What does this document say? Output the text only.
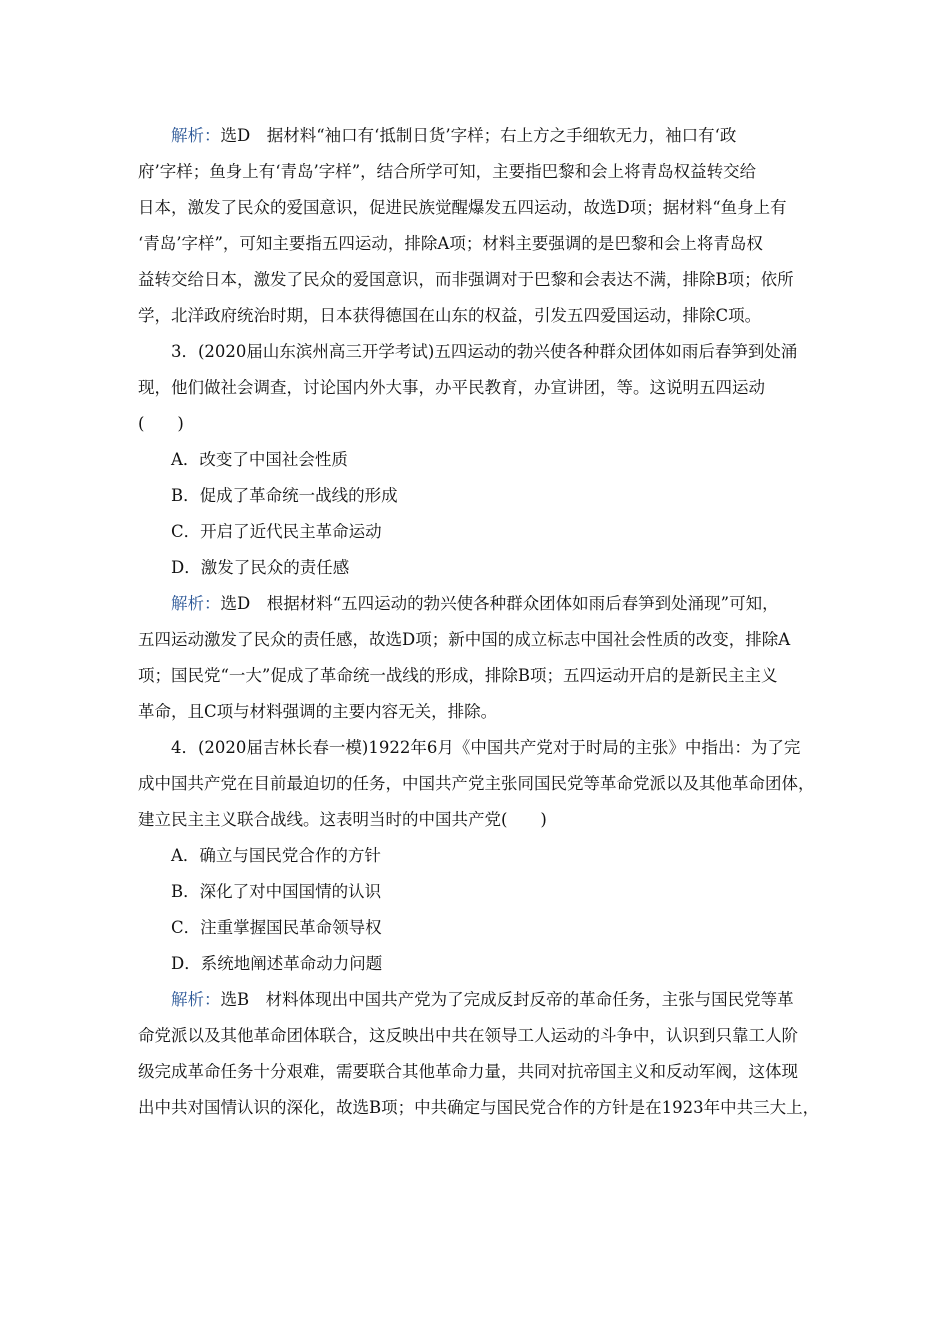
解析：选D　据材料“袖口有‘抵制日货’字样；右上方之手细软无力，袖口有‘政
府’字样；鱼身上有‘青岛’字样”，结合所学可知，主要指巴黎和会上将青岛权益转交给
日本，激发了民众的爱国意识，促进民族觉醒爆发五四运动，故选D项；据材料“鱼身上有
‘青岛’字样”，可知主要指五四运动，排除A项；材料主要强调的是巴黎和会上将青岛权
益转交给日本，激发了民众的爱国意识，而非强调对于巴黎和会表达不满，排除B项；依所
学，北洋政府统治时期，日本获得德国在山东的权益，引发五四爱国运动，排除C项。
3．(2020届山东滨州高三开学考试)五四运动的勃兴使各种群众团体如雨后春笋到处涌
现，他们做社会调查，讨论国内外大事，办平民教育，办宣讲团，等。这说明五四运动
(　　)
A．改变了中国社会性质
B．促成了革命统一战线的形成
C．开启了近代民主革命运动
D．激发了民众的责任感
解析：选D　根据材料“五四运动的勃兴使各种群众团体如雨后春笋到处涌现”可知，
五四运动激发了民众的责任感，故选D项；新中国的成立标志中国社会性质的改变，排除A
项；国民党“一大”促成了革命统一战线的形成，排除B项；五四运动开启的是新民主主义
革命，且C项与材料强调的主要内容无关，排除。
4．(2020届吉林长春一模)1922年6月《中国共产党对于时局的主张》中指出：为了完
成中国共产党在目前最迫切的任务，中国共产党主张同国民党等革命党派以及其他革命团体，
建立民主主义联合战线。这表明当时的中国共产党(　　)
A．确立与国民党合作的方针
B．深化了对中国国情的认识
C．注重掌握国民革命领导权
D．系统地阐述革命动力问题
解析：选B　材料体现出中国共产党为了完成反封反帝的革命任务，主张与国民党等革
命党派以及其他革命团体联合，这反映出中共在领导工人运动的斗争中，认识到只靠工人阶
级完成革命任务十分艰难，需要联合其他革命力量，共同对抗帝国主义和反动军阀，这体现
出中共对国情认识的深化，故选B项；中共确定与国民党合作的方针是在1923年中共三大上，
